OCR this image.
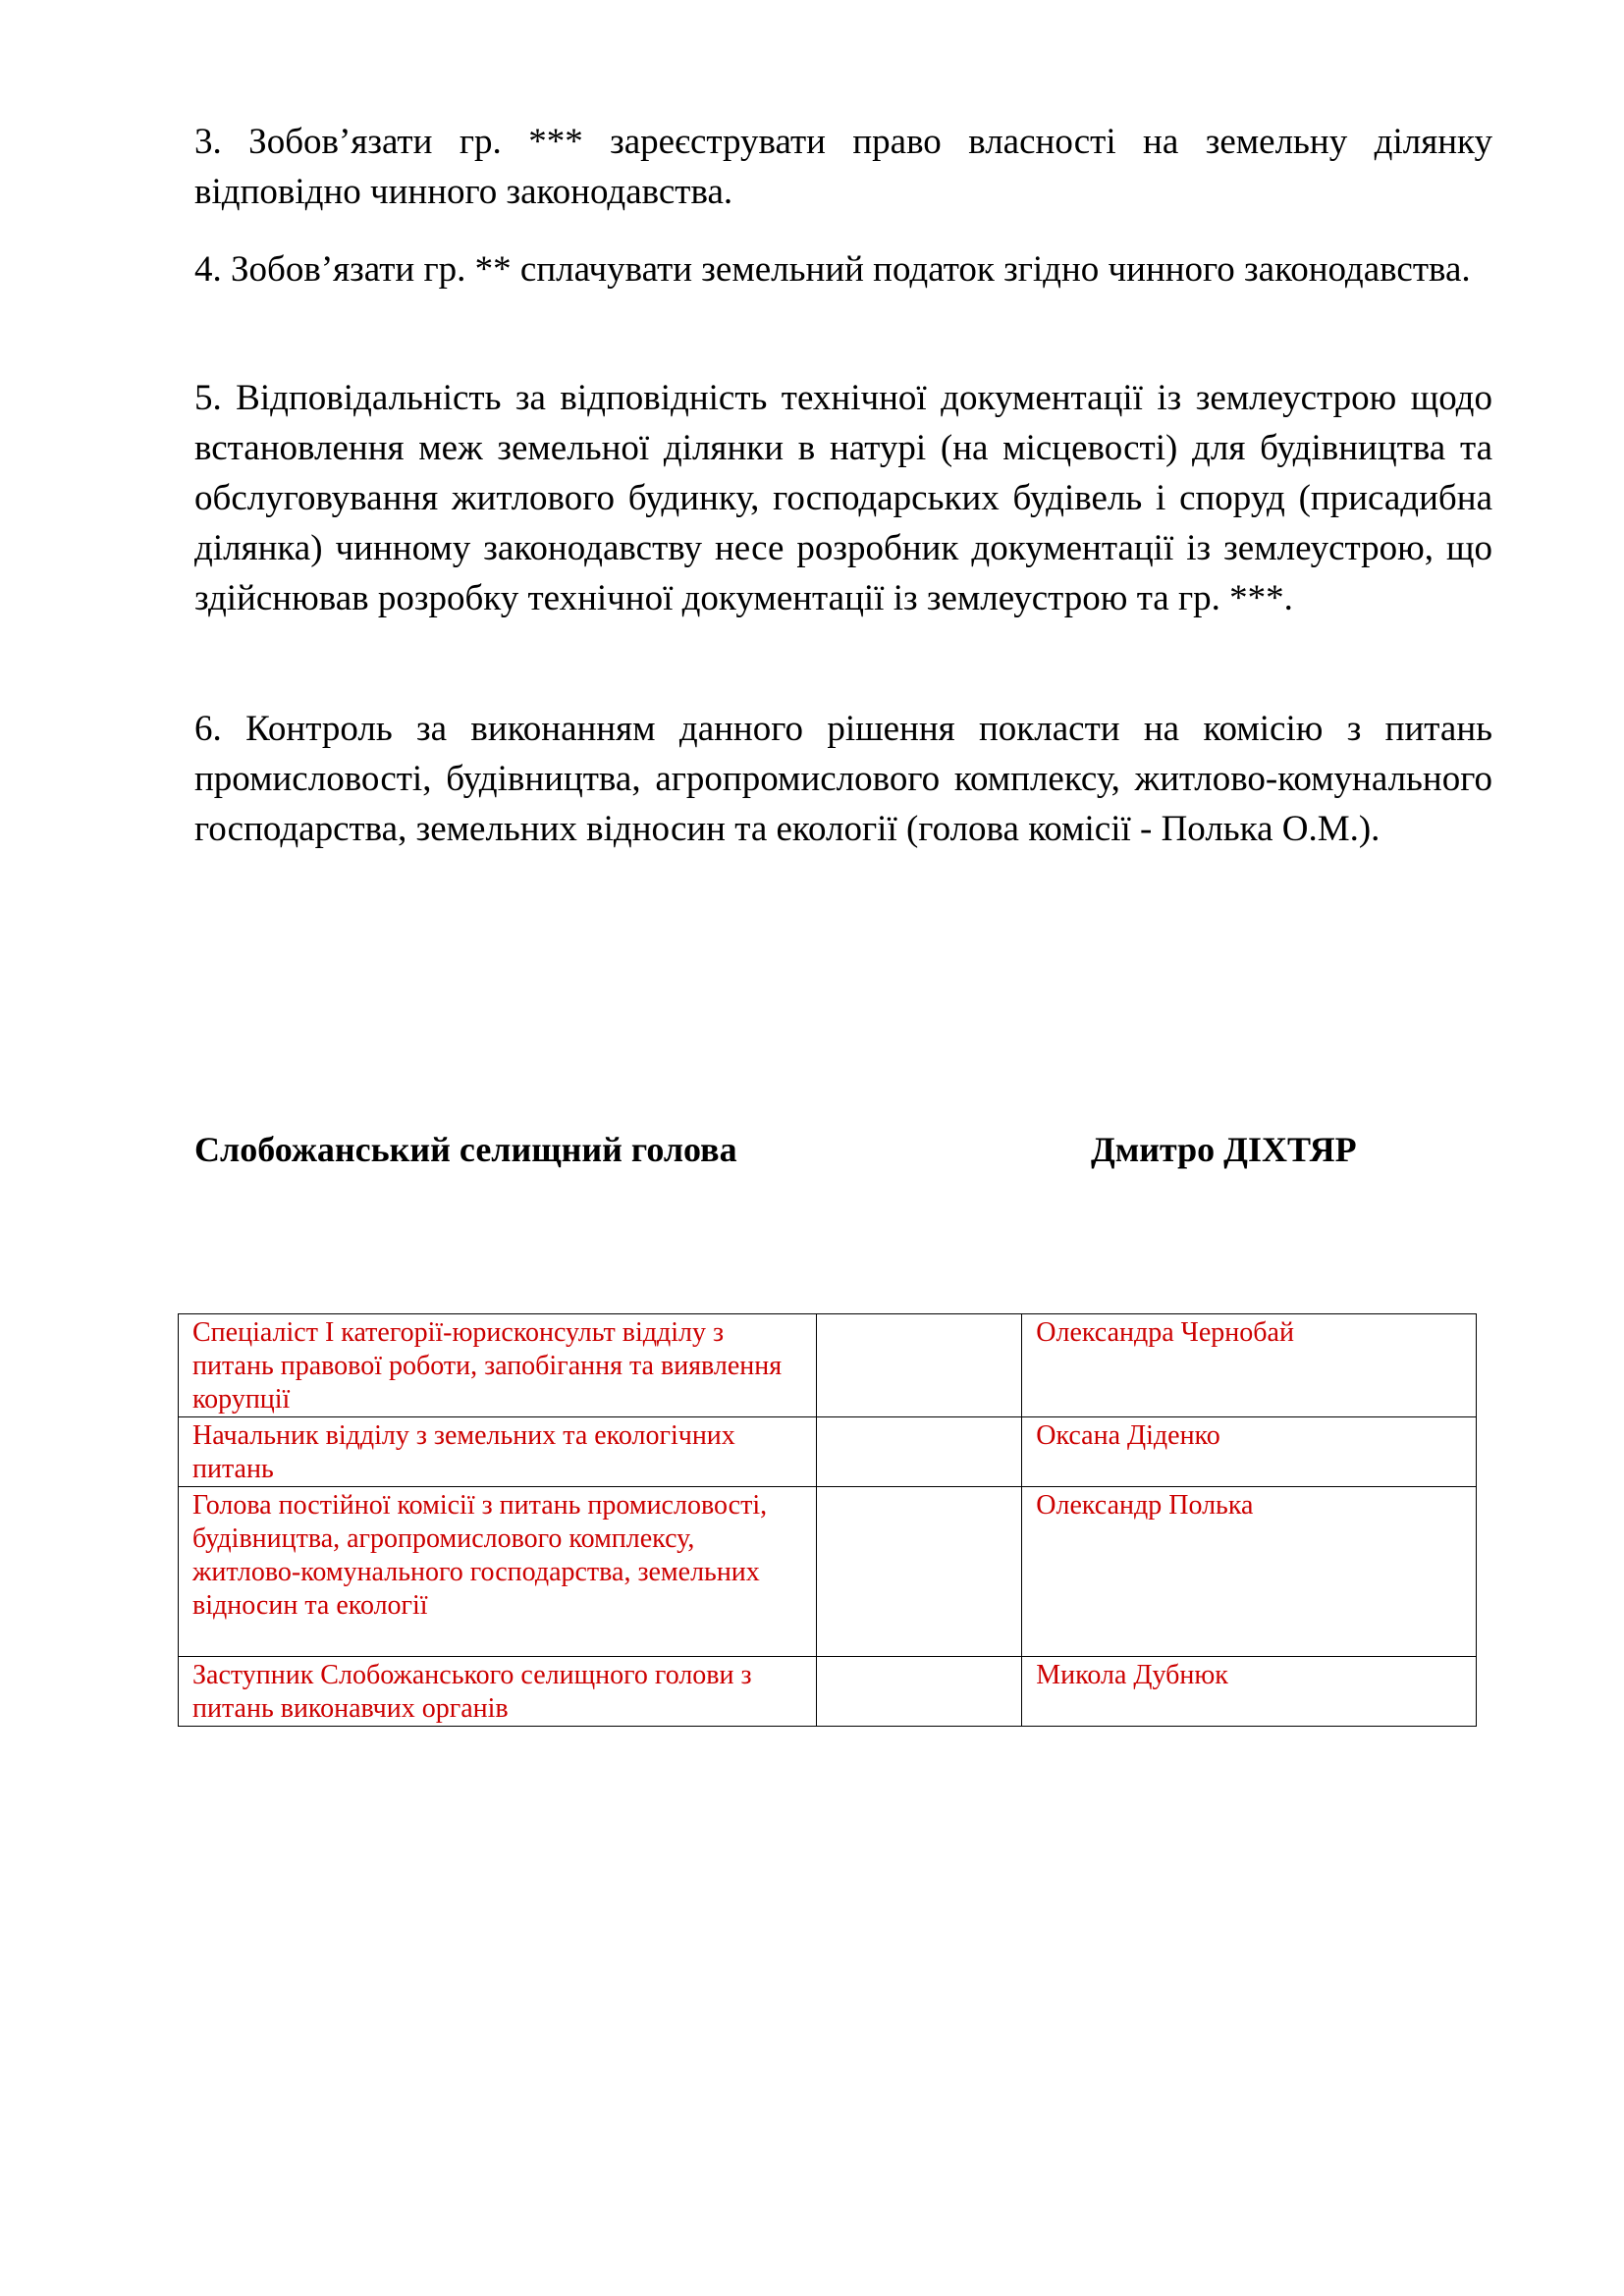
3. Зобов’язати гр. *** зареєструвати право власності на земельну ділянку відповідно чинного законодавства.

4. Зобов’язати гр. ** сплачувати земельний податок згідно чинного законодавства.

5. Відповідальність за відповідність технічної документації із землеустрою щодо встановлення меж земельної ділянки в натурі (на місцевості) для будівництва та обслуговування житлового будинку, господарських будівель і споруд (присадибна ділянка) чинному законодавству несе розробник документації із землеустрою, що здійснював розробку технічної документації із землеустрою та гр. ***.

6. Контроль за виконанням данного рішення покласти на комісію з питань промисловості, будівництва, агропромислового комплексу, житлово-комунального господарства, земельних відносин та екології (голова комісії - Полька О.М.).

Слобожанський селищний голова	Дмитро ДІХТЯР
Спеціаліст І категорії-юрисконсульт відділу з питань правової роботи, запобігання та виявлення корупції		Олександра Чернобай
Начальник відділу з земельних та екологічних питань		Оксана Діденко
Голова постійної комісії з питань промисловості, будівництва, агропромислового комплексу, житлово-комунального господарства, земельних відносин та екології		Олександр Полька
Заступник Слобожанського селищного голови з питань виконавчих органів		Микола Дубнюк
